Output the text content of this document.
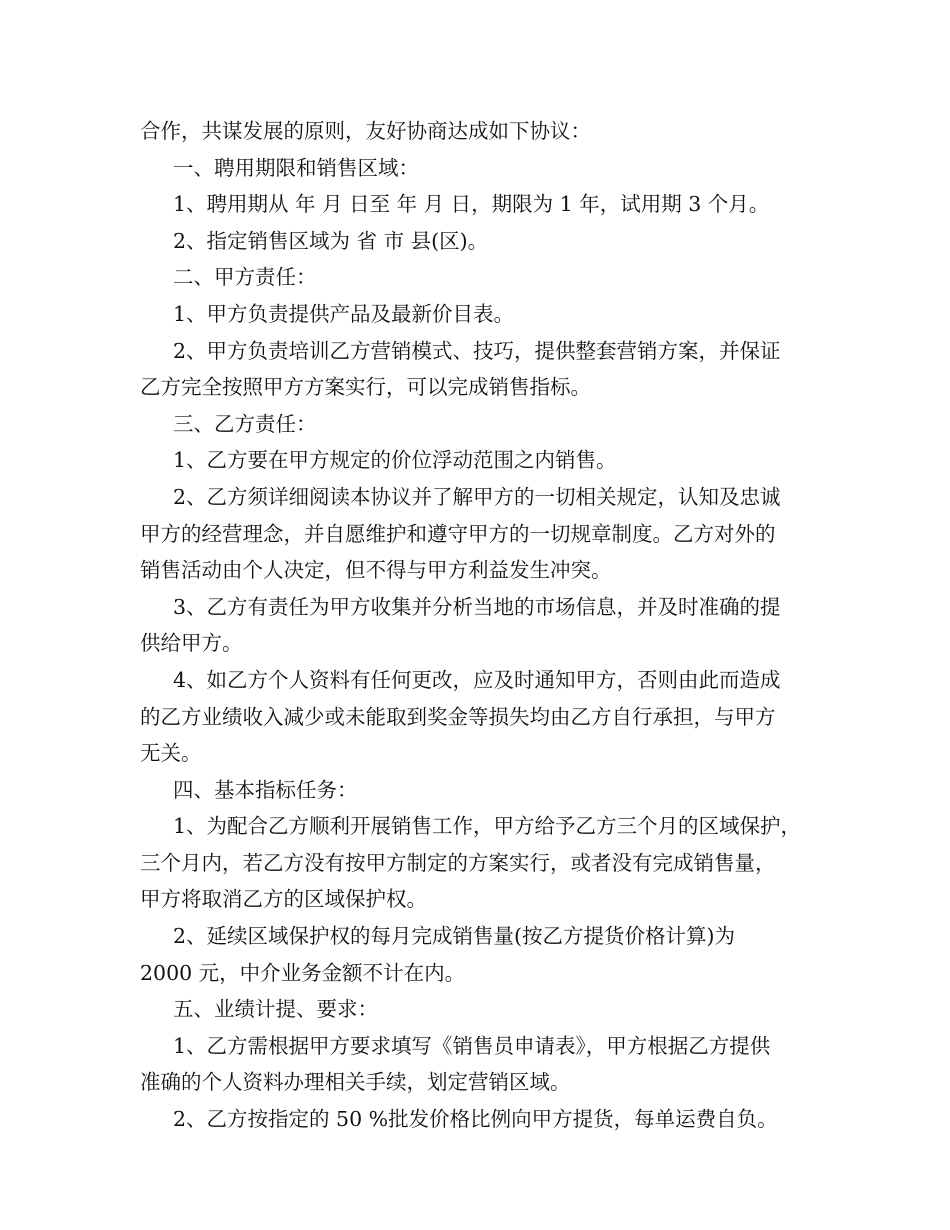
合作，共谋发展的原则，友好协商达成如下协议：
一、聘用期限和销售区域：
1、聘用期从 年 月 日至 年 月 日，期限为 1 年，试用期 3 个月。
2、指定销售区域为 省 市 县(区)。
二、甲方责任：
1、甲方负责提供产品及最新价目表。
2、甲方负责培训乙方营销模式、技巧，提供整套营销方案，并保证
乙方完全按照甲方方案实行，可以完成销售指标。
三、乙方责任：
1、乙方要在甲方规定的价位浮动范围之内销售。
2、乙方须详细阅读本协议并了解甲方的一切相关规定，认知及忠诚
甲方的经营理念，并自愿维护和遵守甲方的一切规章制度。乙方对外的
销售活动由个人决定，但不得与甲方利益发生冲突。
3、乙方有责任为甲方收集并分析当地的市场信息，并及时准确的提
供给甲方。
4、如乙方个人资料有任何更改，应及时通知甲方，否则由此而造成
的乙方业绩收入减少或未能取到奖金等损失均由乙方自行承担，与甲方
无关。
四、基本指标任务：
1、为配合乙方顺利开展销售工作，甲方给予乙方三个月的区域保护，
三个月内，若乙方没有按甲方制定的方案实行，或者没有完成销售量，
甲方将取消乙方的区域保护权。
2、延续区域保护权的每月完成销售量(按乙方提货价格计算)为
2000 元，中介业务金额不计在内。
五、业绩计提、要求：
1、乙方需根据甲方要求填写《销售员申请表》，甲方根据乙方提供
准确的个人资料办理相关手续，划定营销区域。
2、乙方按指定的 50 %批发价格比例向甲方提货，每单运费自负。
